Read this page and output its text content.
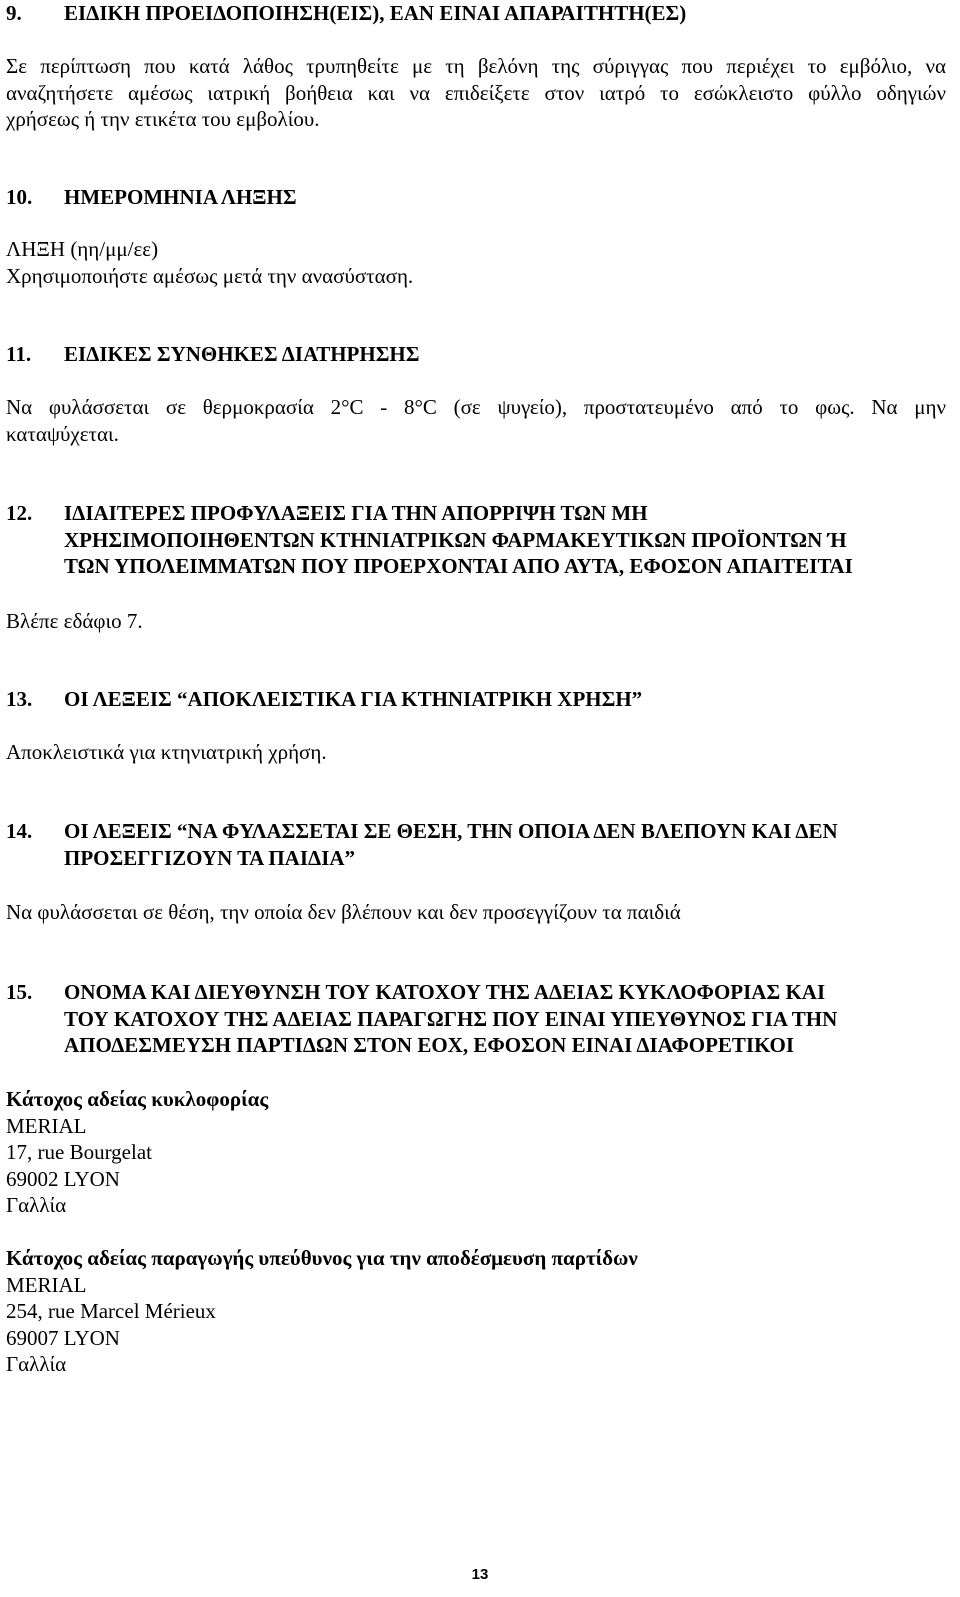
9.	ΕΙΔΙΚΗ ΠΡΟΕΙΔΟΠΟΙΗΣΗ(ΕΙΣ), ΕΑΝ ΕΙΝΑΙ ΑΠΑΡΑΙΤΗΤΗ(ΕΣ)
Σε περίπτωση που κατά λάθος τρυπηθείτε με τη βελόνη της σύριγγας που περιέχει το εμβόλιο, να
αναζητήσετε αμέσως ιατρική βοήθεια και να επιδείξετε στον ιατρό το εσώκλειστο φύλλο οδηγιών
χρήσεως ή την ετικέτα του εμβολίου.
10.	ΗΜΕΡΟΜΗΝΙΑ ΛΗΞΗΣ
ΛΗΞΗ (ηη/μμ/εε)
Χρησιμοποιήστε αμέσως μετά την ανασύσταση.
11.	ΕΙΔΙΚΕΣ ΣΥΝΘΗΚΕΣ ΔΙΑΤΗΡΗΣΗΣ
Να φυλάσσεται σε θερμοκρασία 2°C - 8°C (σε ψυγείο), προστατευμένο από το φως. Να μην
καταψύχεται.
12.	ΙΔΙΑΙΤΕΡΕΣ ΠΡΟΦΥΛΑΞΕΙΣ ΓΙΑ ΤΗΝ ΑΠΟΡΡΙΨΗ ΤΩΝ ΜΗ
ΧΡΗΣΙΜΟΠΟΙΗΘΕΝΤΩΝ ΚΤΗΝΙΑΤΡΙΚΩΝ ΦΑΡΜΑΚΕΥΤΙΚΩΝ ΠΡΟΪΟΝΤΩΝ Ή
ΤΩΝ ΥΠΟΛΕΙΜΜΑΤΩΝ ΠΟΥ ΠΡΟΕΡΧΟΝΤΑΙ ΑΠΟ ΑΥΤΑ, ΕΦΟΣΟΝ ΑΠΑΙΤΕΙΤΑΙ
Βλέπε εδάφιο 7.
13.	ΟΙ ΛΕΞΕΙΣ “ΑΠΟΚΛΕΙΣΤΙΚΑ ΓΙΑ ΚΤΗΝΙΑΤΡΙΚΗ ΧΡΗΣΗ”
Αποκλειστικά για κτηνιατρική χρήση.
14.	ΟΙ ΛΕΞΕΙΣ “ΝΑ ΦΥΛΑΣΣΕΤΑΙ ΣΕ ΘΕΣΗ, ΤΗΝ ΟΠΟΙΑ ΔΕΝ ΒΛΕΠΟΥΝ ΚΑΙ ΔΕΝ
ΠΡΟΣΕΓΓΙΖΟΥΝ ΤΑ ΠΑΙΔΙΑ”
Να φυλάσσεται σε θέση, την οποία δεν βλέπουν και δεν προσεγγίζουν τα παιδιά
15.	ΟΝΟΜΑ ΚΑΙ ΔΙΕΥΘΥΝΣΗ ΤΟΥ ΚΑΤΟΧΟΥ ΤΗΣ ΑΔΕΙΑΣ ΚΥΚΛΟΦΟΡΙΑΣ ΚΑΙ
ΤΟΥ ΚΑΤΟΧΟΥ ΤΗΣ ΑΔΕΙΑΣ ΠΑΡΑΓΩΓΗΣ ΠΟΥ ΕΙΝΑΙ ΥΠΕΥΘΥΝΟΣ ΓΙΑ ΤΗΝ
ΑΠΟΔΕΣΜΕΥΣΗ ΠΑΡΤΙΔΩΝ ΣΤΟΝ ΕΟΧ, ΕΦΟΣΟΝ ΕΙΝΑΙ ΔΙΑΦΟΡΕΤΙΚΟΙ
Κάτοχος αδείας κυκλοφορίας
MERIAL
17, rue Bourgelat
69002 LYON
Γαλλία
Κάτοχος αδείας παραγωγής υπεύθυνος για την αποδέσμευση παρτίδων
MERIAL
254, rue Marcel Mérieux
69007 LYON
Γαλλία
13
